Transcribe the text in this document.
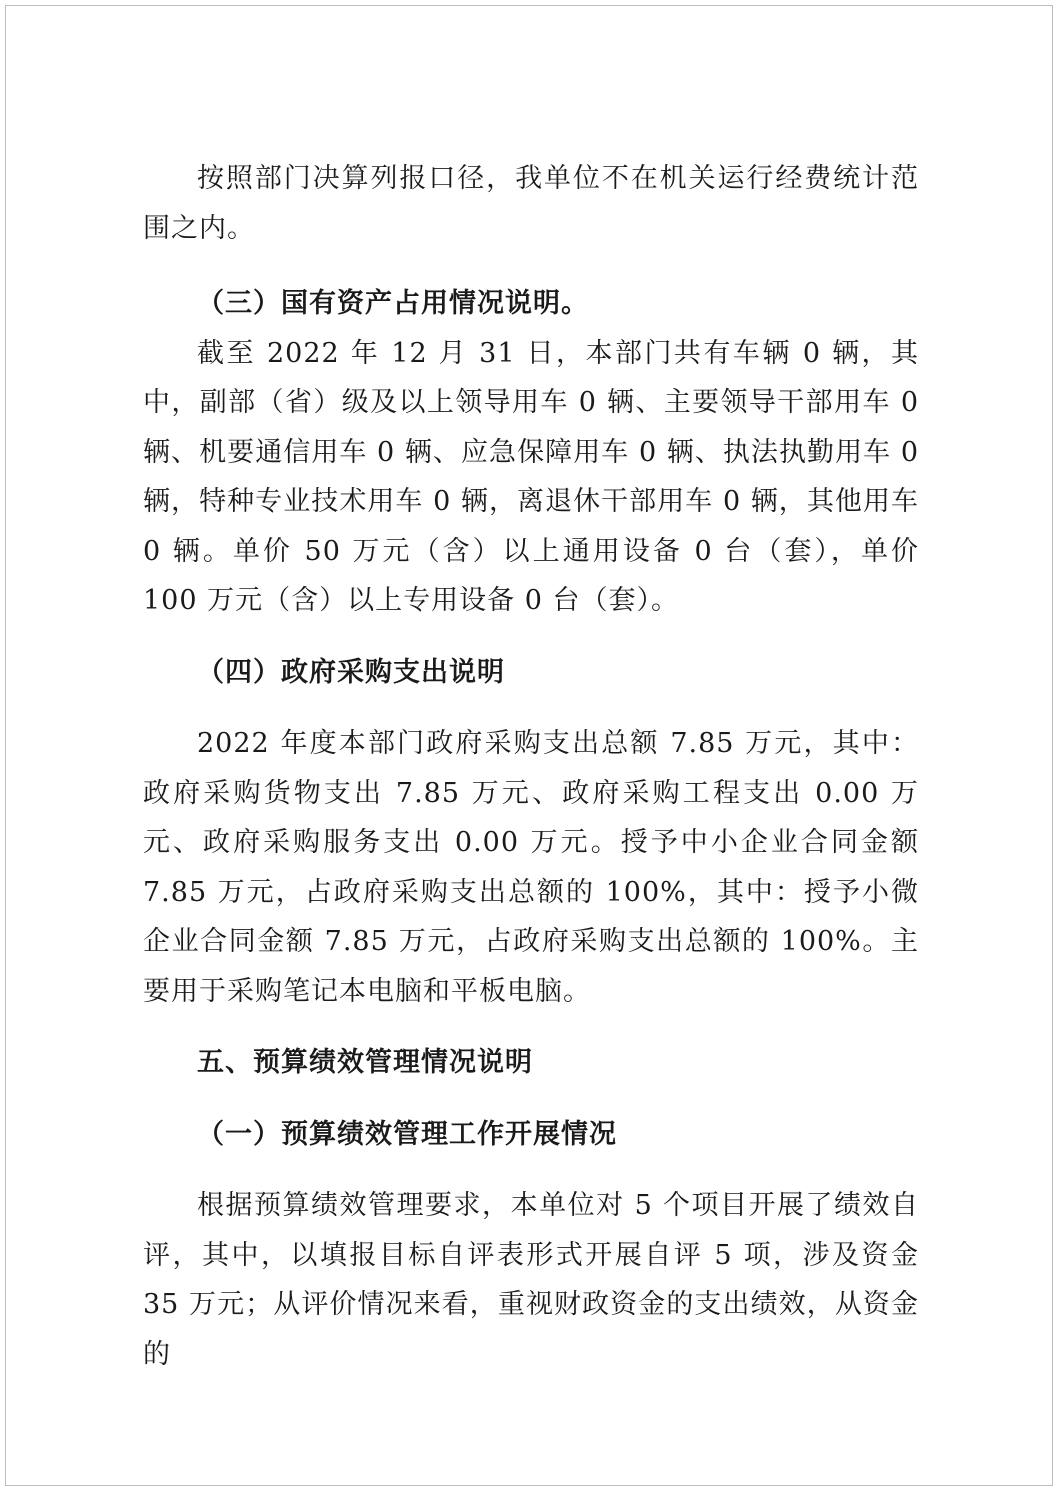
按照部门决算列报口径，我单位不在机关运行经费统计范围之内。

（三）国有资产占用情况说明。

截至 2022 年 12 月 31 日，本部门共有车辆 0 辆，其中，副部（省）级及以上领导用车 0 辆、主要领导干部用车 0 辆、机要通信用车 0 辆、应急保障用车 0 辆、执法执勤用车 0 辆，特种专业技术用车 0 辆，离退休干部用车 0 辆，其他用车 0 辆。单价 50 万元（含）以上通用设备 0 台（套），单价 100 万元（含）以上专用设备 0 台（套）。

（四）政府采购支出说明

2022 年度本部门政府采购支出总额 7.85 万元，其中：政府采购货物支出 7.85 万元、政府采购工程支出 0.00 万元、政府采购服务支出 0.00 万元。授予中小企业合同金额 7.85 万元，占政府采购支出总额的 100%，其中：授予小微企业合同金额 7.85 万元，占政府采购支出总额的 100%。主要用于采购笔记本电脑和平板电脑。

五、预算绩效管理情况说明

（一）预算绩效管理工作开展情况

根据预算绩效管理要求，本单位对 5 个项目开展了绩效自评，其中，以填报目标自评表形式开展自评 5 项，涉及资金 35 万元；从评价情况来看，重视财政资金的支出绩效，从资金的
